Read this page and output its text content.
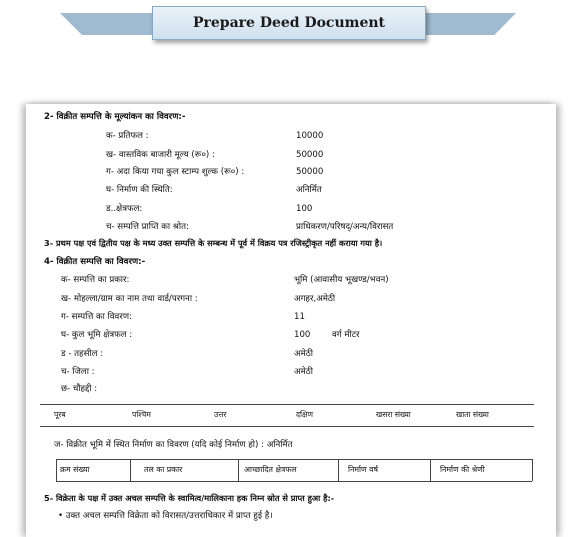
Prepare Deed Document
2- विक्रीत सम्पत्ति के मूल्यांकन का विवरण:-
क- प्रतिफल :	10000
ख- वास्तविक बाजारी मूल्य (रू०) :	50000
ग- अदा किया गया कुल स्टाम्प शुल्क (रू०) :	50000
घ- निर्माण की स्थिति:	अनिर्मित
ड..क्षेत्रफल:	100
च- सम्पत्ति प्राप्ति का श्रोत:	प्राधिकरण/परिषद्/अन्य/विरासत
3- प्रथम पक्ष एवं द्वितीय पक्ष के मध्य उक्त सम्पत्ति के सम्बन्ध में पूर्व में विक्रय पत्र रजिस्ट्रीकृत नहीं कराया गया है।
4- विक्रीत सम्पत्ति का विवरण:-
क- सम्पत्ति का प्रकार:	भूमि (आवासीय भूखण्ड/भवन)
ख- मोहल्ला/ग्राम का नाम तथा वार्ड/परगना :	अगहर,अमेठी
ग- सम्पत्ति का विवरण:	11
घ- कुल भूमि क्षेत्रफल :	100	वर्ग मीटर
ड - तहसील :	अमेठी
च- जिला :	अमेठी
छ- चौहद्दी :
पूरब	पश्चिम	उत्तर	दक्षिण	खसरा संख्या	खाता संख्या
ज- विक्रीत भूमि में स्थित निर्माण का विवरण (यदि कोई निर्माण हो) : अनिर्मित
क्रम संख्या	तल का प्रकार	आच्छादित क्षेत्रफल	निर्माण वर्ष	निर्माण की श्रेणी
5- विक्रेता के पक्ष में उक्त अचल सम्पत्ति के स्वामित्व/मालिकाना हक निम्न स्रोत से प्राप्त हुआ है:-
• उक्त अचल सम्पत्ति विक्रेता को विरासत/उत्तराधिकार में प्राप्त हुई है।
